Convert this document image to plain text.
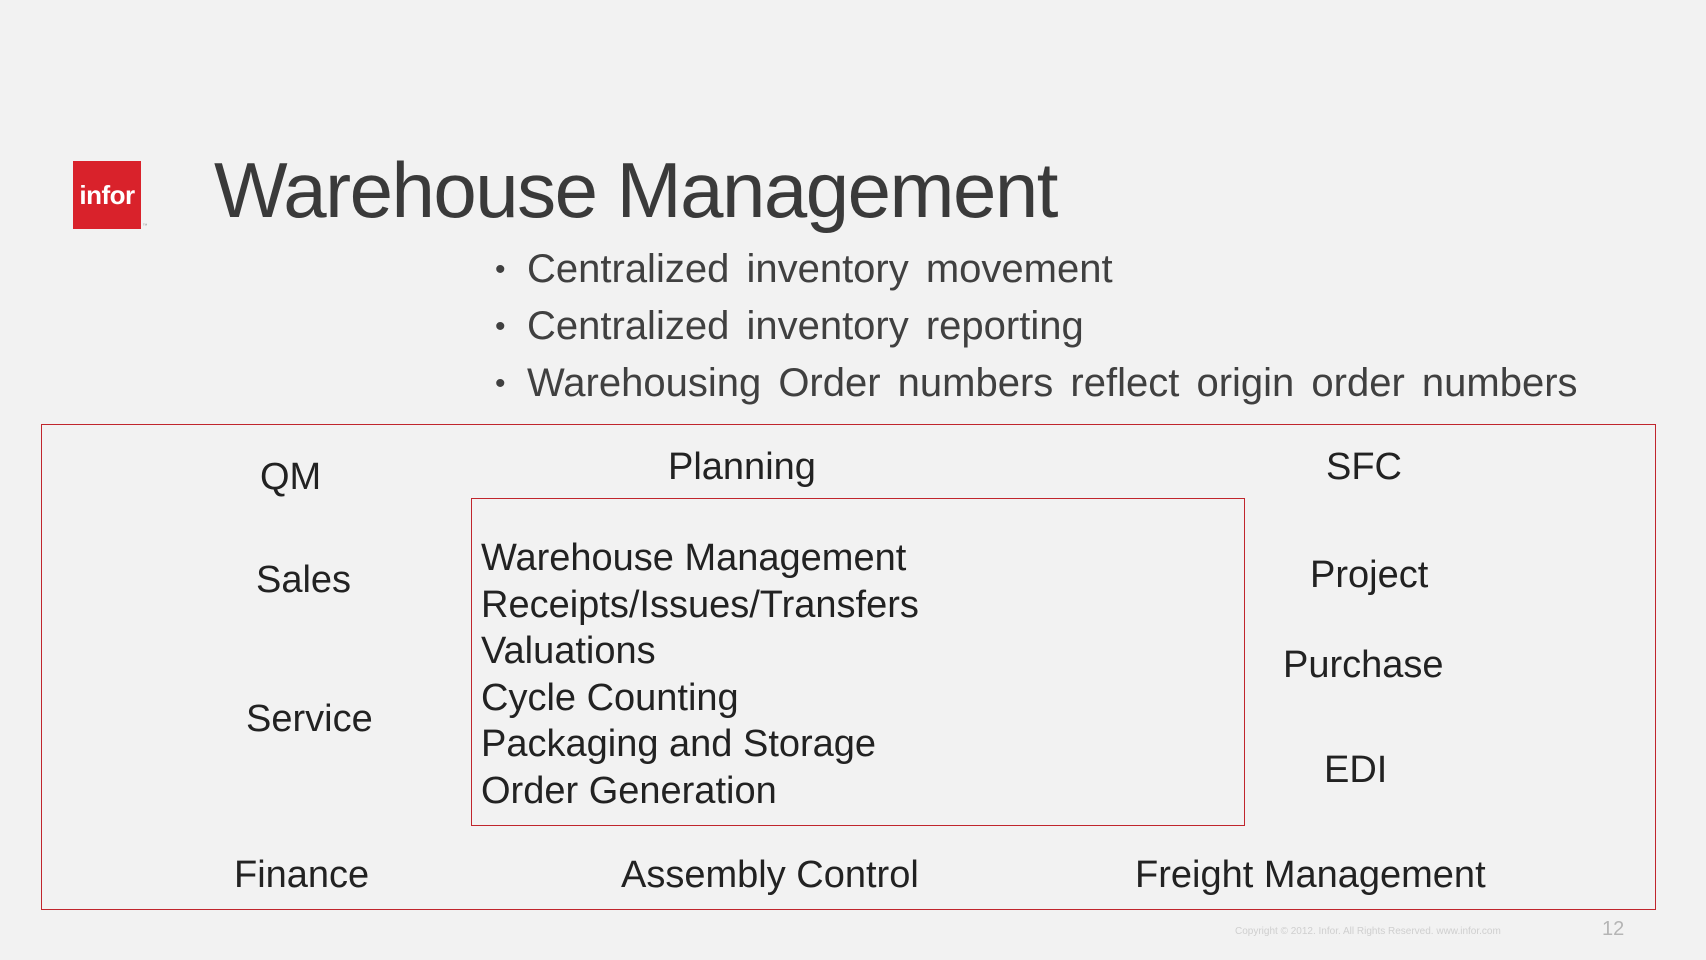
infor
™ Warehouse Management
• Centralized inventory movement
• Centralized inventory reporting
• Warehousing Order numbers reflect origin order numbers
QM	Planning	SFC
Sales	Project
Purchase
Service
EDI
Finance	Assembly Control	Freight Management
Warehouse Management
Receipts/Issues/Transfers
Valuations
Cycle Counting
Packaging and Storage
Order Generation
Copyright © 2012. Infor. All Rights Reserved. www.infor.com	12
